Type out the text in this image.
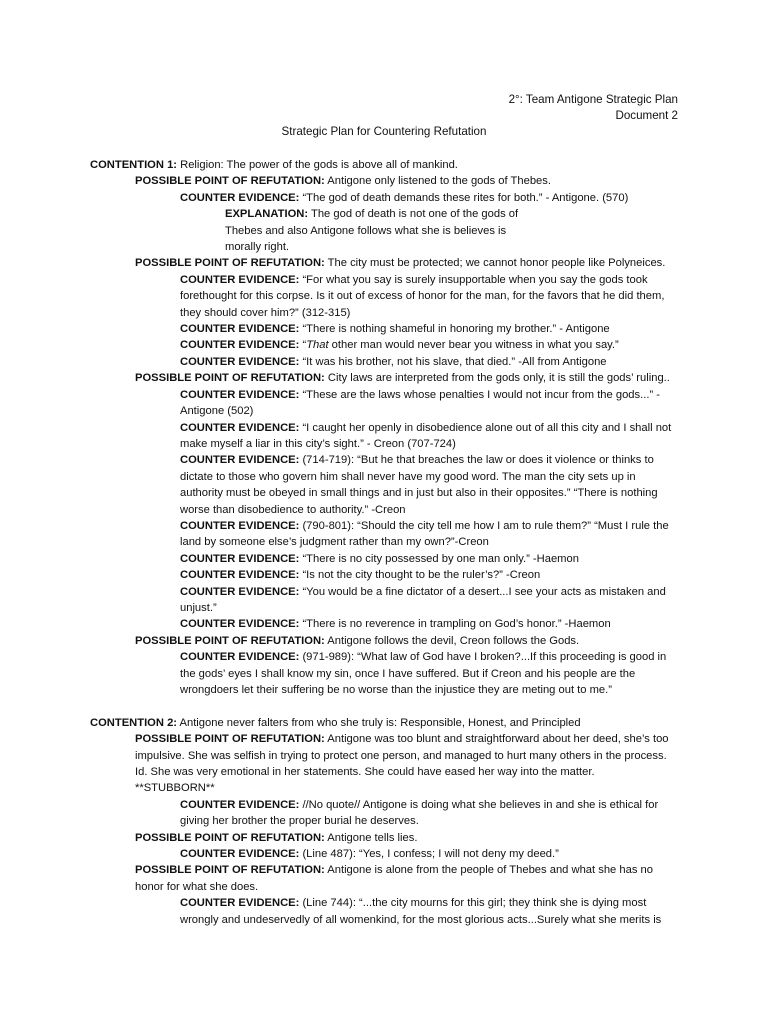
2°: Team Antigone Strategic Plan
Document 2
Strategic Plan for Countering Refutation
CONTENTION 1: Religion: The power of the gods is above all of mankind.
POSSIBLE POINT OF REFUTATION: Antigone only listened to the gods of Thebes.
COUNTER EVIDENCE: “The god of death demands these rites for both.” - Antigone. (570)
EXPLANATION: The god of death is not one of the gods of Thebes and also Antigone follows what she is believes is morally right.
POSSIBLE POINT OF REFUTATION: The city must be protected; we cannot honor people like Polyneices.
COUNTER EVIDENCE: “For what you say is surely insupportable when you say the gods took forethought for this corpse. Is it out of excess of honor for the man, for the favors that he did them, they should cover him?” (312-315)
COUNTER EVIDENCE: “There is nothing shameful in honoring my brother.” - Antigone
COUNTER EVIDENCE: “That other man would never bear you witness in what you say.”
COUNTER EVIDENCE: “It was his brother, not his slave, that died.” -All from Antigone
POSSIBLE POINT OF REFUTATION: City laws are interpreted from the gods only, it is still the gods’ ruling..
COUNTER EVIDENCE: “These are the laws whose penalties I would not incur from the gods...” - Antigone (502)
COUNTER EVIDENCE: “I caught her openly in disobedience alone out of all this city and I shall not make myself a liar in this city’s sight.” - Creon (707-724)
COUNTER EVIDENCE: (714-719): “But he that breaches the law or does it violence or thinks to dictate to those who govern him shall never have my good word. The man the city sets up in authority must be obeyed in small things and in just but also in their opposites.” “There is nothing worse than disobedience to authority.” -Creon
COUNTER EVIDENCE: (790-801): “Should the city tell me how I am to rule them?” “Must I rule the land by someone else’s judgment rather than my own?”-Creon
COUNTER EVIDENCE: “There is no city possessed by one man only.” -Haemon
COUNTER EVIDENCE: “Is not the city thought to be the ruler’s?” -Creon
COUNTER EVIDENCE: “You would be a fine dictator of a desert...I see your acts as mistaken and unjust.”
COUNTER EVIDENCE: “There is no reverence in trampling on God’s honor.” -Haemon
POSSIBLE POINT OF REFUTATION: Antigone follows the devil, Creon follows the Gods.
COUNTER EVIDENCE: (971-989): “What law of God have I broken?...If this proceeding is good in the gods’ eyes I shall know my sin, once I have suffered. But if Creon and his people are the wrongdoers let their suffering be no worse than the injustice they are meting out to me.”
CONTENTION 2: Antigone never falters from who she truly is: Responsible, Honest, and Principled
POSSIBLE POINT OF REFUTATION: Antigone was too blunt and straightforward about her deed, she’s too impulsive. She was selfish in trying to protect one person, and managed to hurt many others in the process. Id. She was very emotional in her statements. She could have eased her way into the matter.
**STUBBORN**
COUNTER EVIDENCE: //No quote// Antigone is doing what she believes in and she is ethical for giving her brother the proper burial he deserves.
POSSIBLE POINT OF REFUTATION: Antigone tells lies.
COUNTER EVIDENCE: (Line 487): “Yes, I confess; I will not deny my deed.”
POSSIBLE POINT OF REFUTATION: Antigone is alone from the people of Thebes and what she has no honor for what she does.
COUNTER EVIDENCE: (Line 744): “...the city mourns for this girl; they think she is dying most wrongly and undeservedly of all womenkind, for the most glorious acts...Surely what she merits is
